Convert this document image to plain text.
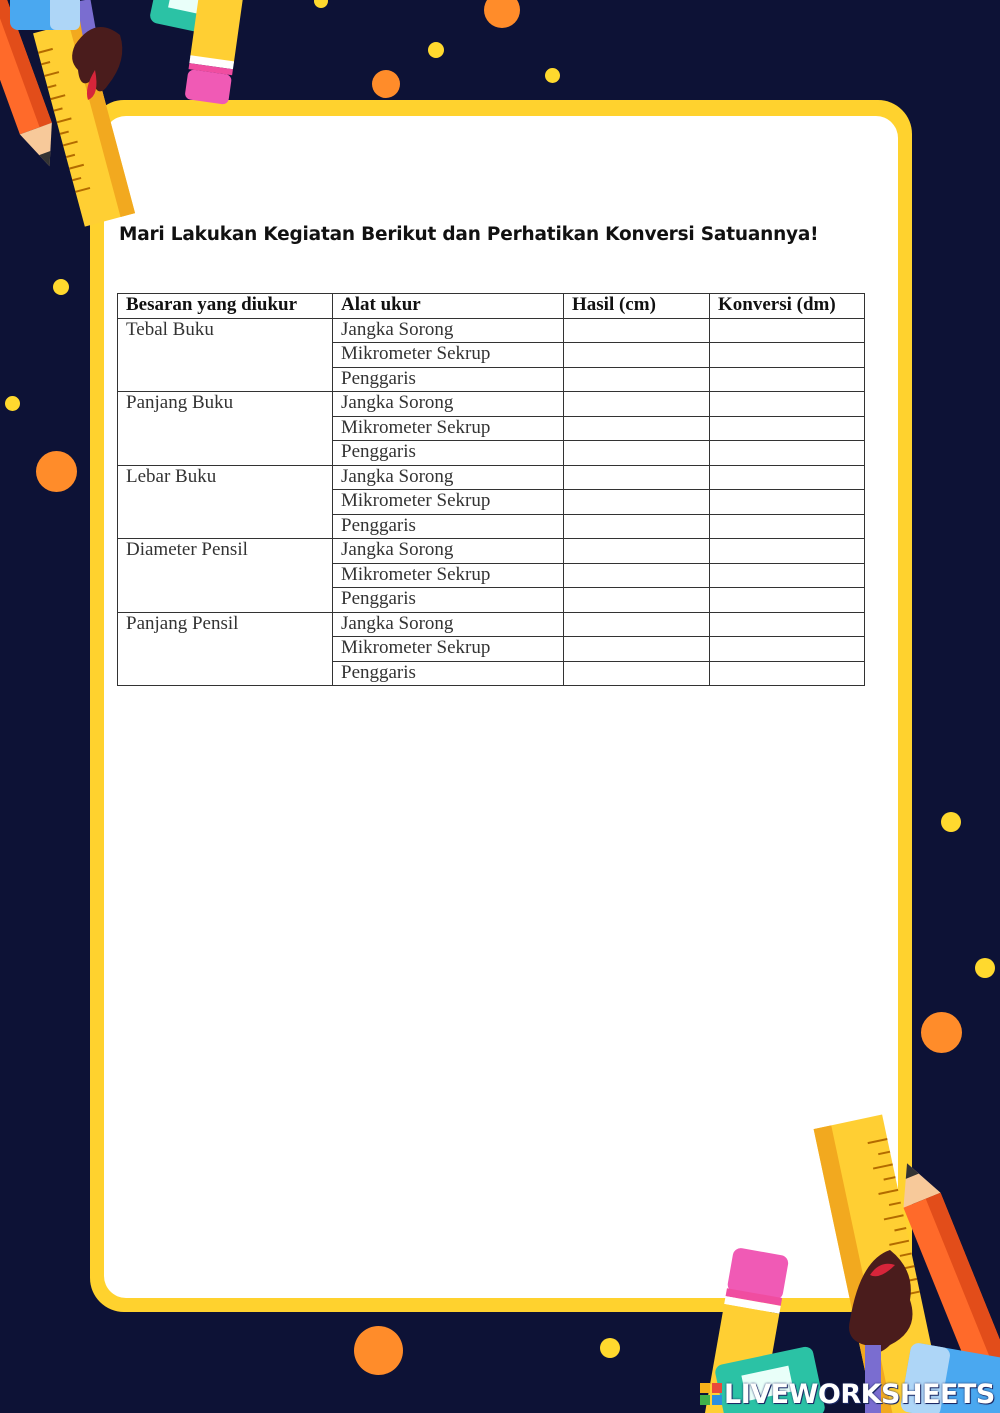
Mari Lakukan Kegiatan Berikut dan Perhatikan Konversi Satuannya!
Besaran yang diukur	Alat ukur	Hasil (cm)	Konversi (dm)
Tebal Buku	Jangka Sorong		
	Mikrometer Sekrup		
	Penggaris		
Panjang Buku	Jangka Sorong		
	Mikrometer Sekrup		
	Penggaris		
Lebar Buku	Jangka Sorong		
	Mikrometer Sekrup		
	Penggaris		
Diameter Pensil	Jangka Sorong		
	Mikrometer Sekrup		
	Penggaris		
Panjang Pensil	Jangka Sorong		
	Mikrometer Sekrup		
	Penggaris		
LIVEWORKSHEETS
